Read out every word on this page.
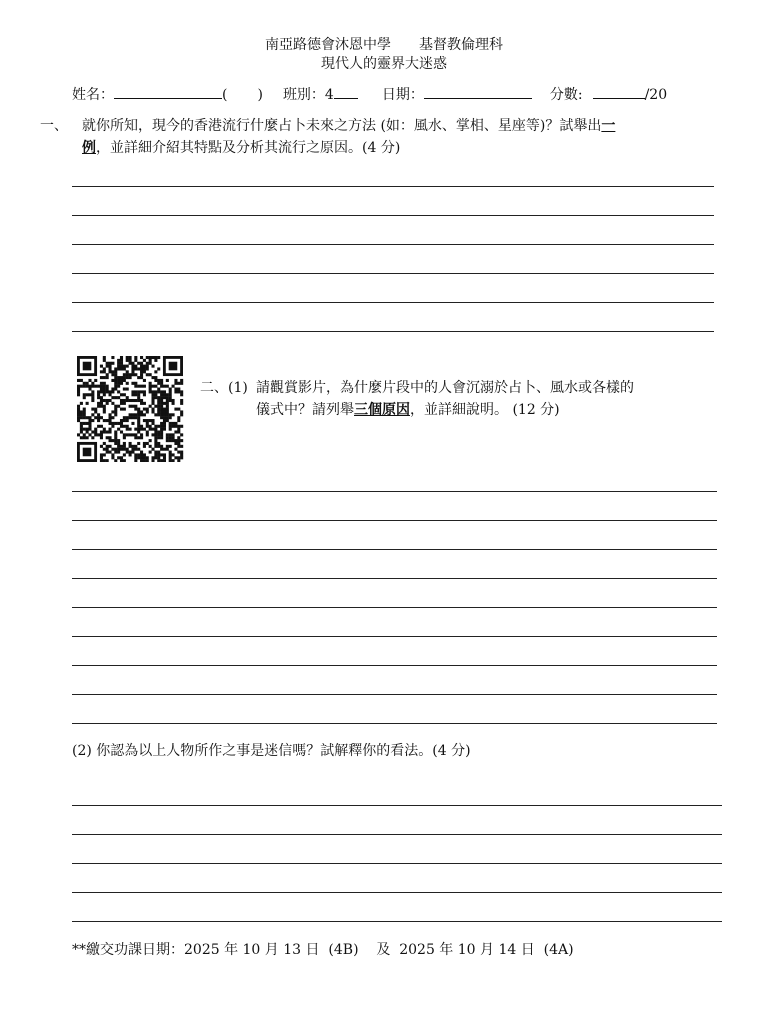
南亞路德會沐恩中學 基督教倫理科
現代人的靈界大迷惑
姓名：	( ) 班別：4	日期：	分數:	/20
一、 就你所知，現今的香港流行什麼占卜未來之方法 (如：風水、掌相、星座等)？試舉出一
例，並詳細介紹其特點及分析其流行之原因。(4 分)
二、(1) 請觀賞影片，為什麼片段中的人會沉溺於占卜、風水或各樣的
儀式中？請列舉三個原因，並詳細說明。 (12 分)
(2) 你認為以上人物所作之事是迷信嗎？試解釋你的看法。(4 分)
**繳交功課日期：2025 年 10 月 13 日  (4B)    及  2025 年 10 月 14 日  (4A)
